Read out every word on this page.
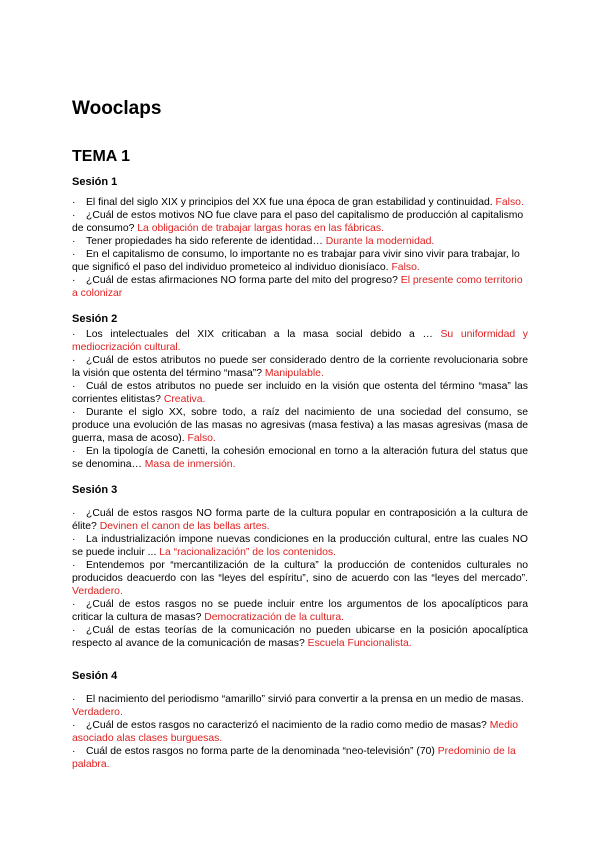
Wooclaps
TEMA 1
Sesión 1
· El final del siglo XIX y principios del XX fue una época de gran estabilidad y continuidad. Falso.
· ¿Cuál de estos motivos NO fue clave para el paso del capitalismo de producción al capitalismo de consumo? La obligación de trabajar largas horas en las fábricas.
· Tener propiedades ha sido referente de identidad… Durante la modernidad.
· En el capitalismo de consumo, lo importante no es trabajar para vivir sino vivir para trabajar, lo que significó el paso del individuo prometeico al individuo dionisíaco. Falso.
· ¿Cuál de estas afirmaciones NO forma parte del mito del progreso? El presente como territorio a colonizar
Sesión 2
· Los intelectuales del XIX criticaban a la masa social debido a … Su uniformidad y mediocrización cultural.
· ¿Cuál de estos atributos no puede ser considerado dentro de la corriente revolucionaria sobre la visión que ostenta del término “masa”? Manipulable.
· Cuál de estos atributos no puede ser incluido en la visión que ostenta del término “masa” las corrientes elitistas? Creativa.
· Durante el siglo XX, sobre todo, a raíz del nacimiento de una sociedad del consumo, se produce una evolución de las masas no agresivas (masa festiva) a las masas agresivas (masa de guerra, masa de acoso). Falso.
· En la tipología de Canetti, la cohesión emocional en torno a la alteración futura del status que se denomina… Masa de inmersión.
Sesión 3
· ¿Cuál de estos rasgos NO forma parte de la cultura popular en contraposición a la cultura de élite? Devinen el canon de las bellas artes.
· La industrialización impone nuevas condiciones en la producción cultural, entre las cuales NO se puede incluir ... La “racionalización” de los contenidos.
· Entendemos por “mercantilización de la cultura” la producción de contenidos culturales no producidos deacuerdo con las “leyes del espíritu”, sino de acuerdo con las “leyes del mercado”. Verdadero.
· ¿Cuál de estos rasgos no se puede incluir entre los argumentos de los apocalípticos para criticar la cultura de masas? Democratización de la cultura.
· ¿Cuál de estas teorías de la comunicación no pueden ubicarse en la posición apocalíptica respecto al avance de la comunicación de masas? Escuela Funcionalista.
Sesión 4
· El nacimiento del periodismo “amarillo” sirvió para convertir a la prensa en un medio de masas. Verdadero.
· ¿Cuál de estos rasgos no caracterizó el nacimiento de la radio como medio de masas? Medio asociado alas clases burguesas.
· Cuál de estos rasgos no forma parte de la denominada “neo-televisión” (70) Predominio de la palabra.
